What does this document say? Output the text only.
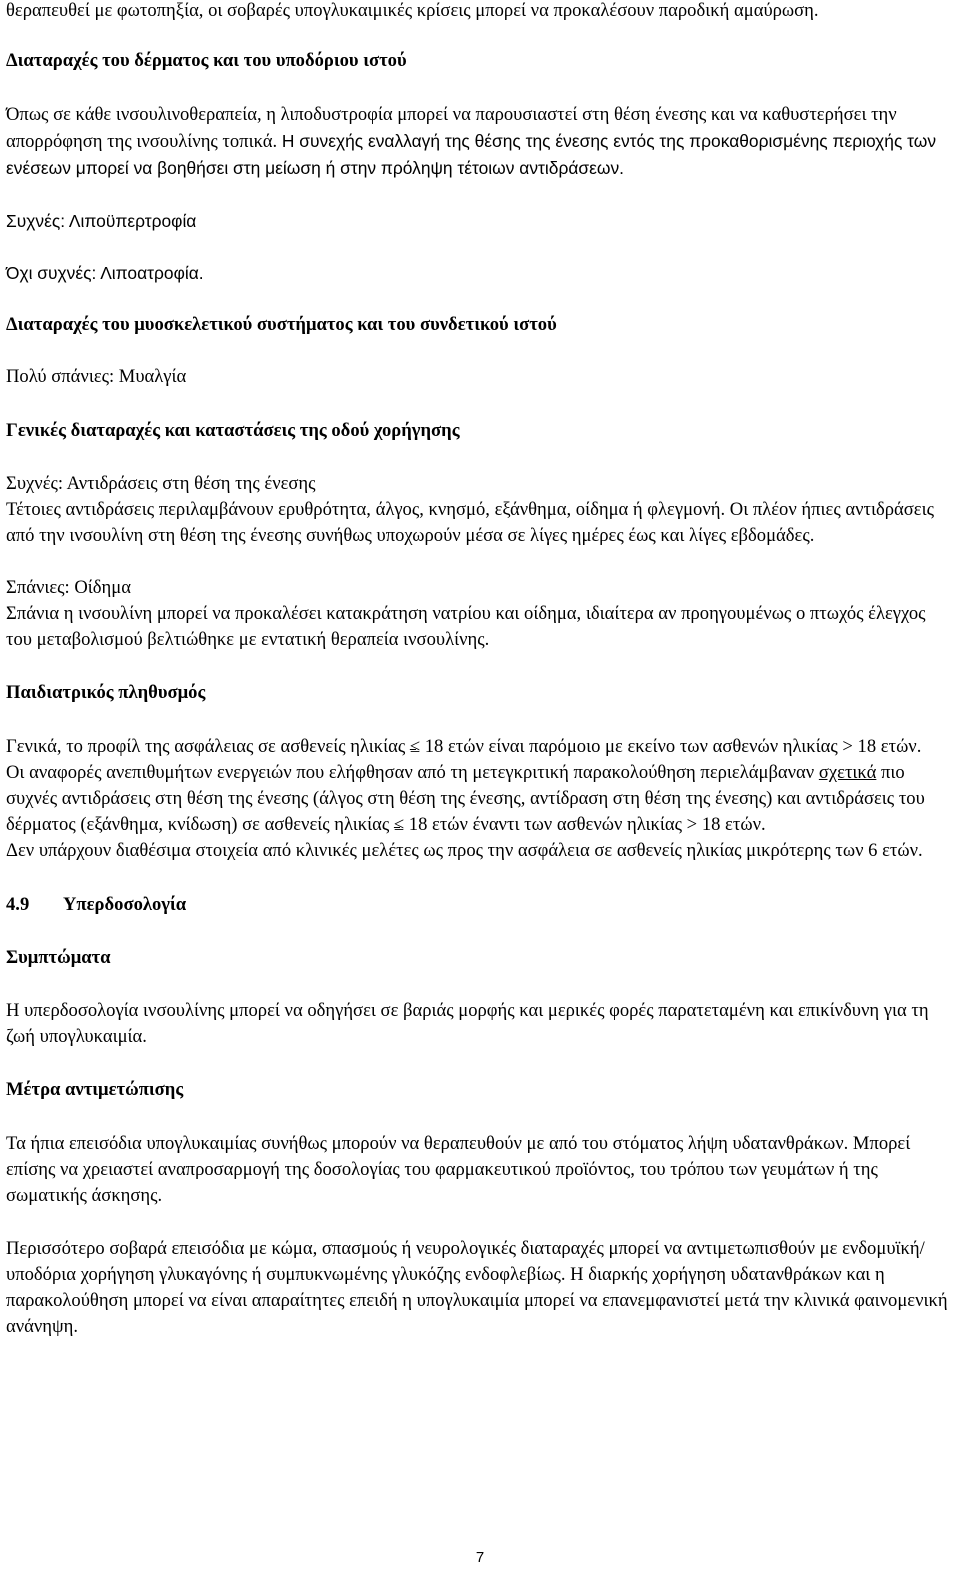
θεραπευθεί με φωτοπηξία, οι σοβαρές υπογλυκαιμικές κρίσεις μπορεί να προκαλέσουν παροδική αμαύρωση.

Διαταραχές του δέρματος και του υποδόριου ιστού

Όπως σε κάθε ινσουλινοθεραπεία, η λιποδυστροφία μπορεί να παρουσιαστεί στη θέση ένεσης και να καθυστερήσει την απορρόφηση της ινσουλίνης τοπικά. Η συνεχής εναλλαγή της θέσης της ένεσης εντός της προκαθορισμένης περιοχής των ενέσεων μπορεί να βοηθήσει στη μείωση ή στην πρόληψη τέτοιων αντιδράσεων.

Συχνές: Λιποϋπερτροφία

Όχι συχνές: Λιποατροφία.

Διαταραχές του μυοσκελετικού συστήματος και του συνδετικού ιστού

Πολύ σπάνιες: Μυαλγία

Γενικές διαταραχές και καταστάσεις της οδού χορήγησης

Συχνές: Αντιδράσεις στη θέση της ένεσης

Τέτοιες αντιδράσεις περιλαμβάνουν ερυθρότητα, άλγος, κνησμό, εξάνθημα, οίδημα ή φλεγμονή. Οι πλέον ήπιες αντιδράσεις από την ινσουλίνη στη θέση της ένεσης συνήθως υποχωρούν μέσα σε λίγες ημέρες έως και λίγες εβδομάδες.

Σπάνιες: Οίδημα

Σπάνια η ινσουλίνη μπορεί να προκαλέσει κατακράτηση νατρίου και οίδημα, ιδιαίτερα αν προηγουμένως ο πτωχός έλεγχος του μεταβολισμού βελτιώθηκε με εντατική θεραπεία ινσουλίνης.

Παιδιατρικός πληθυσμός

Γενικά, το προφίλ της ασφάλειας σε ασθενείς ηλικίας ≤ 18 ετών είναι παρόμοιο με εκείνο των ασθενών ηλικίας > 18 ετών.

Οι αναφορές ανεπιθυμήτων ενεργειών που ελήφθησαν από τη μετεγκριτική παρακολούθηση περιελάμβαναν σχετικά πιο συχνές αντιδράσεις στη θέση της ένεσης (άλγος στη θέση της ένεσης, αντίδραση στη θέση της ένεσης) και αντιδράσεις του δέρματος (εξάνθημα, κνίδωση) σε ασθενείς ηλικίας ≤ 18 ετών έναντι των ασθενών ηλικίας > 18 ετών.

Δεν υπάρχουν διαθέσιμα στοιχεία από κλινικές μελέτες ως προς την ασφάλεια σε ασθενείς ηλικίας μικρότερης των 6 ετών.

4.9 Υπερδοσολογία

Συμπτώματα

Η υπερδοσολογία ινσουλίνης μπορεί να οδηγήσει σε βαριάς μορφής και μερικές φορές παρατεταμένη και επικίνδυνη για τη ζωή υπογλυκαιμία.

Μέτρα αντιμετώπισης

Τα ήπια επεισόδια υπογλυκαιμίας συνήθως μπορούν να θεραπευθούν με από του στόματος λήψη υδατανθράκων. Μπορεί επίσης να χρειαστεί αναπροσαρμογή της δοσολογίας του φαρμακευτικού προϊόντος, του τρόπου των γευμάτων ή της σωματικής άσκησης.

Περισσότερο σοβαρά επεισόδια με κώμα, σπασμούς ή νευρολογικές διαταραχές μπορεί να αντιμετωπισθούν με ενδομυϊκή/υποδόρια χορήγηση γλυκαγόνης ή συμπυκνωμένης γλυκόζης ενδοφλεβίως. Η διαρκής χορήγηση υδατανθράκων και η παρακολούθηση μπορεί να είναι απαραίτητες επειδή η υπογλυκαιμία μπορεί να επανεμφανιστεί μετά την κλινικά φαινομενική ανάνηψη.

7
